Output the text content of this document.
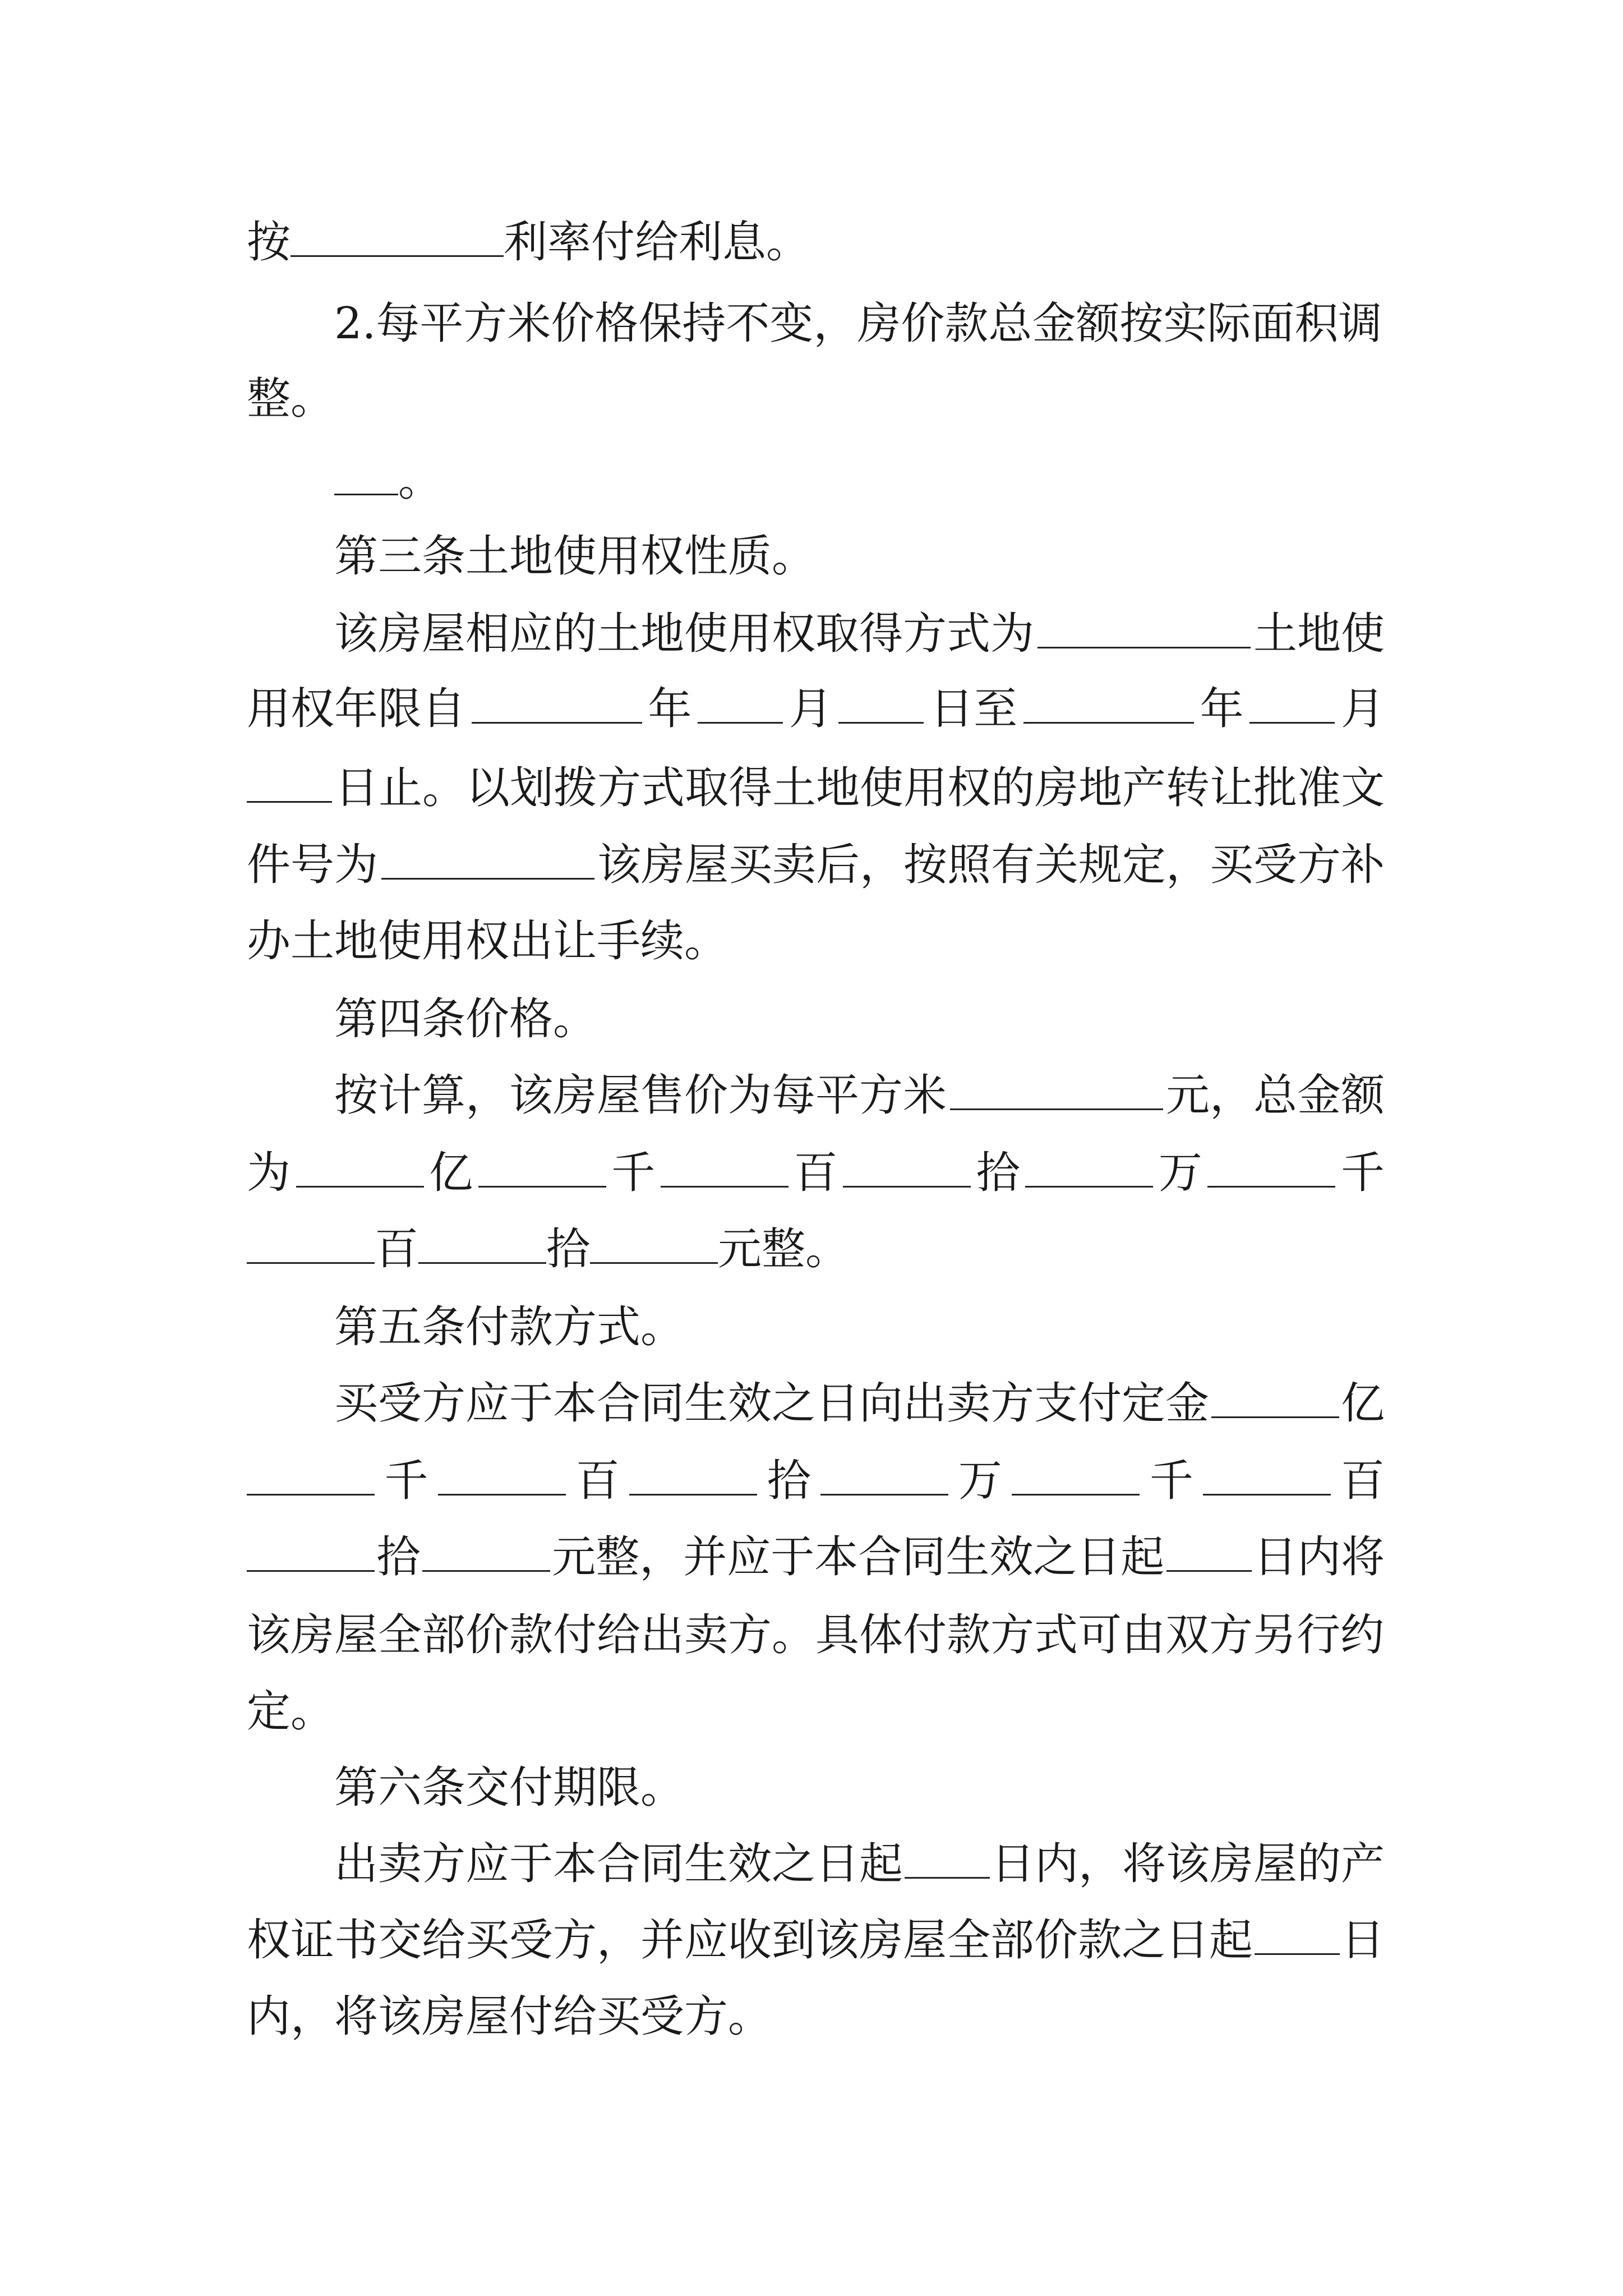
按	利率付给利息。
2.每平方米价格保持不变，房价款总金额按实际面积调
整。
。
第三条土地使用权性质。
该房屋相应的土地使用权取得方式为	土地使
用权年限自	年 月 日至	年 月
日止。以划拨方式取得土地使用权的房地产转让批准文
件号为	该房屋买卖后，按照有关规定，买受方补
办土地使用权出让手续。
第四条价格。
按计算，该房屋售价为每平方米	元，总金额
为	亿	千	百	拾	万	千
百	拾	元整。
第五条付款方式。
买受方应于本合同生效之日向出卖方支付定金	亿
千	百	拾	万	千	百
拾	元整，并应于本合同生效之日起 日内将
该房屋全部价款付给出卖方。具体付款方式可由双方另行约
定。
第六条交付期限。
出卖方应于本合同生效之日起 日内，将该房屋的产
权证书交给买受方，并应收到该房屋全部价款之日起 日
内，将该房屋付给买受方。
